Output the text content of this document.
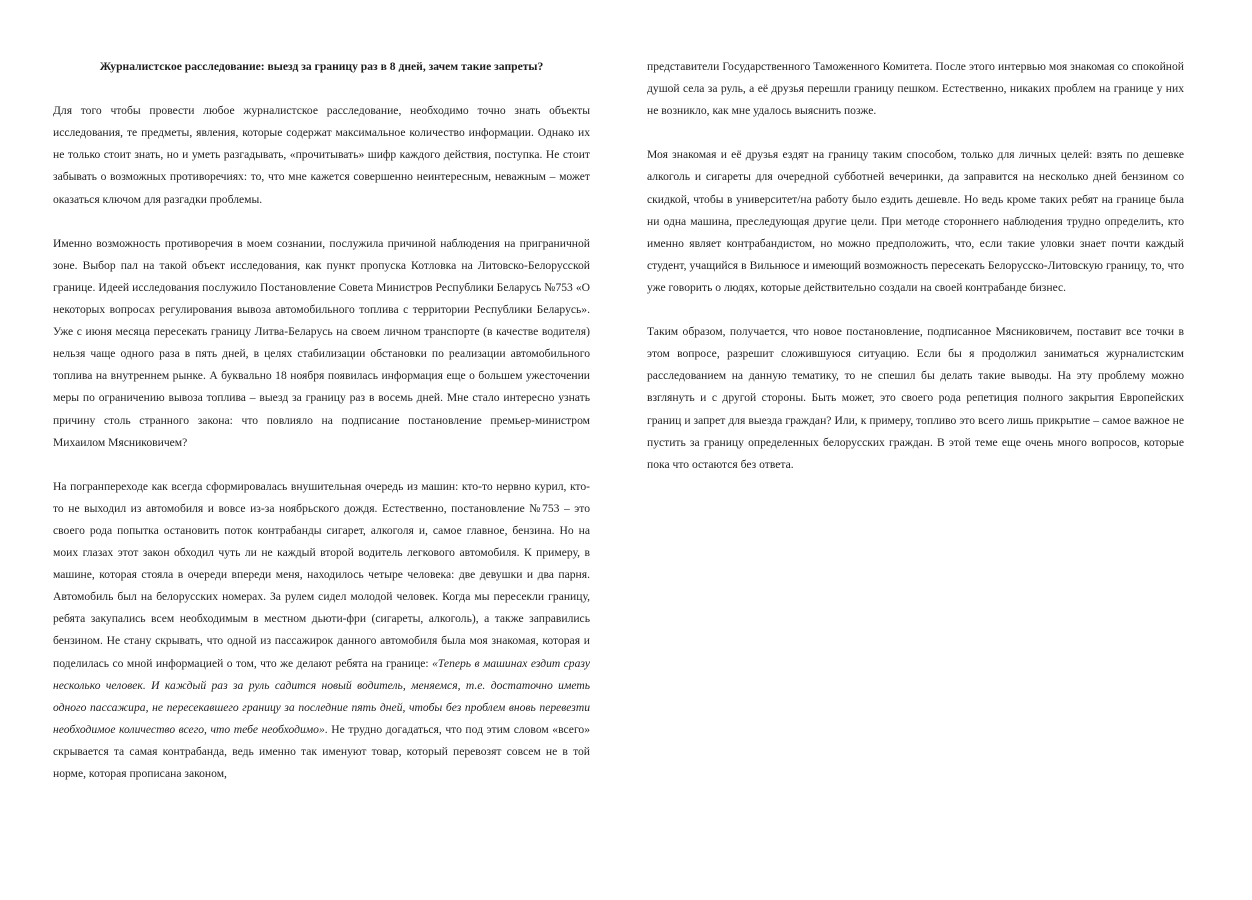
Журналистское расследование: выезд за границу раз в 8 дней, зачем такие запреты?

Для того чтобы провести любое журналистское расследование, необходимо точно знать объекты исследования, те предметы, явления, которые содержат максимальное количество информации. Однако их не только стоит знать, но и уметь разгадывать, «прочитывать» шифр каждого действия, поступка. Не стоит забывать о возможных противоречиях: то, что мне кажется совершенно неинтересным, неважным – может оказаться ключом для разгадки проблемы.

Именно возможность противоречия в моем сознании, послужила причиной наблюдения на приграничной зоне. Выбор пал на такой объект исследования, как пункт пропуска Котловка на Литовско-Белорусской границе. Идеей исследования послужило Постановление Совета Министров Республики Беларусь №753 «О некоторых вопросах регулирования вывоза автомобильного топлива с территории Республики Беларусь». Уже с июня месяца пересекать границу Литва-Беларусь на своем личном транспорте (в качестве водителя) нельзя чаще одного раза в пять дней, в целях стабилизации обстановки по реализации автомобильного топлива на внутреннем рынке. А буквально 18 ноября появилась информация еще о большем ужесточении меры по ограничению вывоза топлива – выезд за границу раз в восемь дней. Мне стало интересно узнать причину столь странного закона: что повлияло на подписание постановление премьер-министром Михаилом Мясниковичем?

На погранпереходе как всегда сформировалась внушительная очередь из машин: кто-то нервно курил, кто-то не выходил из автомобиля и вовсе из-за ноябрьского дождя. Естественно, постановление №753 – это своего рода попытка остановить поток контрабанды сигарет, алкоголя и, самое главное, бензина. Но на моих глазах этот закон обходил чуть ли не каждый второй водитель легкового автомобиля. К примеру, в машине, которая стояла в очереди впереди меня, находилось четыре человека: две девушки и два парня. Автомобиль был на белорусских номерах. За рулем сидел молодой человек. Когда мы пересекли границу, ребята закупались всем необходимым в местном дьюти-фри (сигареты, алкоголь), а также заправились бензином. Не стану скрывать, что одной из пассажирок данного автомобиля была моя знакомая, которая и поделилась со мной информацией о том, что же делают ребята на границе: «Теперь в машинах ездит сразу несколько человек. И каждый раз за руль садится новый водитель, меняемся, т.е. достаточно иметь одного пассажира, не пересекавшего границу за последние пять дней, чтобы без проблем вновь перевезти необходимое количество всего, что тебе необходимо». Не трудно догадаться, что под этим словом «всего» скрывается та самая контрабанда, ведь именно так именуют товар, который перевозят совсем не в той норме, которая прописана законом,

представители Государственного Таможенного Комитета. После этого интервью моя знакомая со спокойной душой села за руль, а её друзья перешли границу пешком. Естественно, никаких проблем на границе у них не возникло, как мне удалось выяснить позже.

Моя знакомая и её друзья ездят на границу таким способом, только для личных целей: взять по дешевке алкоголь и сигареты для очередной субботней вечеринки, да заправится на несколько дней бензином со скидкой, чтобы в университет/на работу было ездить дешевле. Но ведь кроме таких ребят на границе была ни одна машина, преследующая другие цели. При методе стороннего наблюдения трудно определить, кто именно являет контрабандистом, но можно предположить, что, если такие уловки знает почти каждый студент, учащийся в Вильнюсе и имеющий возможность пересекать Белорусско-Литовскую границу, то, что уже говорить о людях, которые действительно создали на своей контрабанде бизнес.

Таким образом, получается, что новое постановление, подписанное Мясниковичем, поставит все точки в этом вопросе, разрешит сложившуюся ситуацию. Если бы я продолжил заниматься журналистским расследованием на данную тематику, то не спешил бы делать такие выводы. На эту проблему можно взглянуть и с другой стороны. Быть может, это своего рода репетиция полного закрытия Европейских границ и запрет для выезда граждан? Или, к примеру, топливо это всего лишь прикрытие – самое важное не пустить за границу определенных белорусских граждан. В этой теме еще очень много вопросов, которые пока что остаются без ответа.
